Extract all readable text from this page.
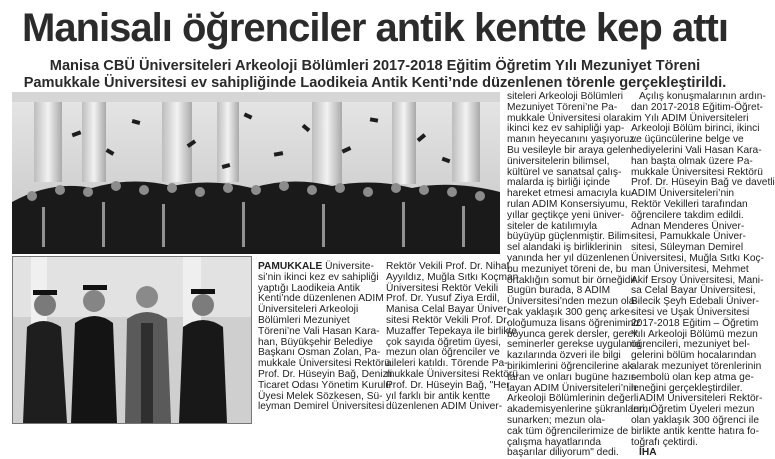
Manisalı öğrenciler antik kentte kep attı
Manisa CBÜ Üniversiteleri Arkeoloji Bölümleri 2017-2018 Eğitim Öğretim Yılı Mezuniyet Töreni
Pamukkale Üniversitesi ev sahipliğinde Laodikeia Antik Kenti’nde düzenlenen törenle gerçekleştirildi.
PAMUKKALE Üniversite-
si’nin ikinci kez ev sahipliği
yaptığı Laodikeia Antik
Kenti’nde düzenlenen ADIM
Üniversiteleri Arkeoloji
Bölümleri Mezuniyet
Töreni’ne Vali Hasan Kara-
han, Büyükşehir Belediye
Başkanı Osman Zolan, Pa-
mukkale Üniversitesi Rektörü
Prof. Dr. Hüseyin Bağ, Denizli
Ticaret Odası Yönetim Kurulu
Üyesi Melek Sözkesen, Sü-
leyman Demirel Üniversitesi
Rektör Vekili Prof. Dr. Nihat
Ayyıldız, Muğla Sıtkı Koçman
Üniversitesi Rektör Vekili
Prof. Dr. Yusuf Ziya Erdil,
Manisa Celal Bayar Üniver-
sitesi Rektör Vekili Prof. Dr.
Muzaffer Tepekaya ile birlikte
çok sayıda öğretim üyesi,
mezun olan öğrenciler ve
aileleri katıldı. Törende Pa-
mukkale Üniversitesi Rektörü
Prof. Dr. Hüseyin Bağ, "Her
yıl farklı bir antik kentte
düzenlenen ADIM Üniver-
siteleri Arkeoloji Bölümleri
Mezuniyet Töreni’ne Pa-
mukkale Üniversitesi olarak
ikinci kez ev sahipliği yap-
manın heyecanını yaşıyoruz.
Bu vesileyle bir araya gelen
üniversitelerin bilimsel,
kültürel ve sanatsal çalış-
malarda iş birliği içinde
hareket etmesi amacıyla ku-
rulan ADIM Konsersiyumu,
yıllar geçtikçe yeni üniver-
siteler de katılımıyla
büyüyüp güçlenmiştir. Bilim-
sel alandaki iş birliklerinin
yanında her yıl düzenlenen
bu mezuniyet töreni de, bu
ortaklığın somut bir örneğidir.
Bugün burada, 8 ADIM
Üniversitesi’nden mezun ola-
cak yaklaşık 300 genç arke-
oloğumuza lisans öğreniminiz
boyunca gerek dersler, gerek
seminerler gerekse uygulama
kazılarında özveri ile bilgi
birikimlerini öğrencilerine ak-
taran ve onları bugüne hazır-
layan ADIM Üniversiteleri’nin
Arkeoloji Bölümlerinin değerli
akademisyenlerine şükranlarımı
sunarken; mezun ola-
cak tüm öğrencilerimize de
çalışma hayatlarında
başarılar diliyorum" dedi.
Açılış konuşmalarının ardın-
dan 2017-2018 Eğitim-Öğret-
im Yılı ADIM Üniversiteleri
Arkeoloji Bölüm birinci, ikinci
ve üçüncülerine belge ve
hediyelerini Vali Hasan Kara-
han başta olmak üzere Pa-
mukkale Üniversitesi Rektörü
Prof. Dr. Hüseyin Bağ ve davetli
ADIM Üniversiteleri’nin
Rektör Vekilleri tarafından
öğrencilere takdim edildi.
Adnan Menderes Üniver-
sitesi, Pamukkale Üniver-
sitesi, Süleyman Demirel
Üniversitesi, Muğla Sıtkı Koç-
man Üniversitesi, Mehmet
Akif Ersoy Üniversitesi, Mani-
sa Celal Bayar Üniversitesi,
Bilecik Şeyh Edebali Üniver-
sitesi ve Uşak Üniversitesi
2017-2018 Eğitim – Öğretim
Yılı Arkeoloji Bölümü mezun
öğrencileri, mezuniyet bel-
gelerini bölüm hocalarından
alarak mezuniyet törenlerinin
sembolü olan kep atma ge-
leneğini gerçekleştirdiler.
ADIM Üniversiteleri Rektör-
leri, Öğretim Üyeleri mezun
olan yaklaşık 300 öğrenci ile
birlikte antik kentte hatıra fo-
toğrafı çektirdi.
İHA
